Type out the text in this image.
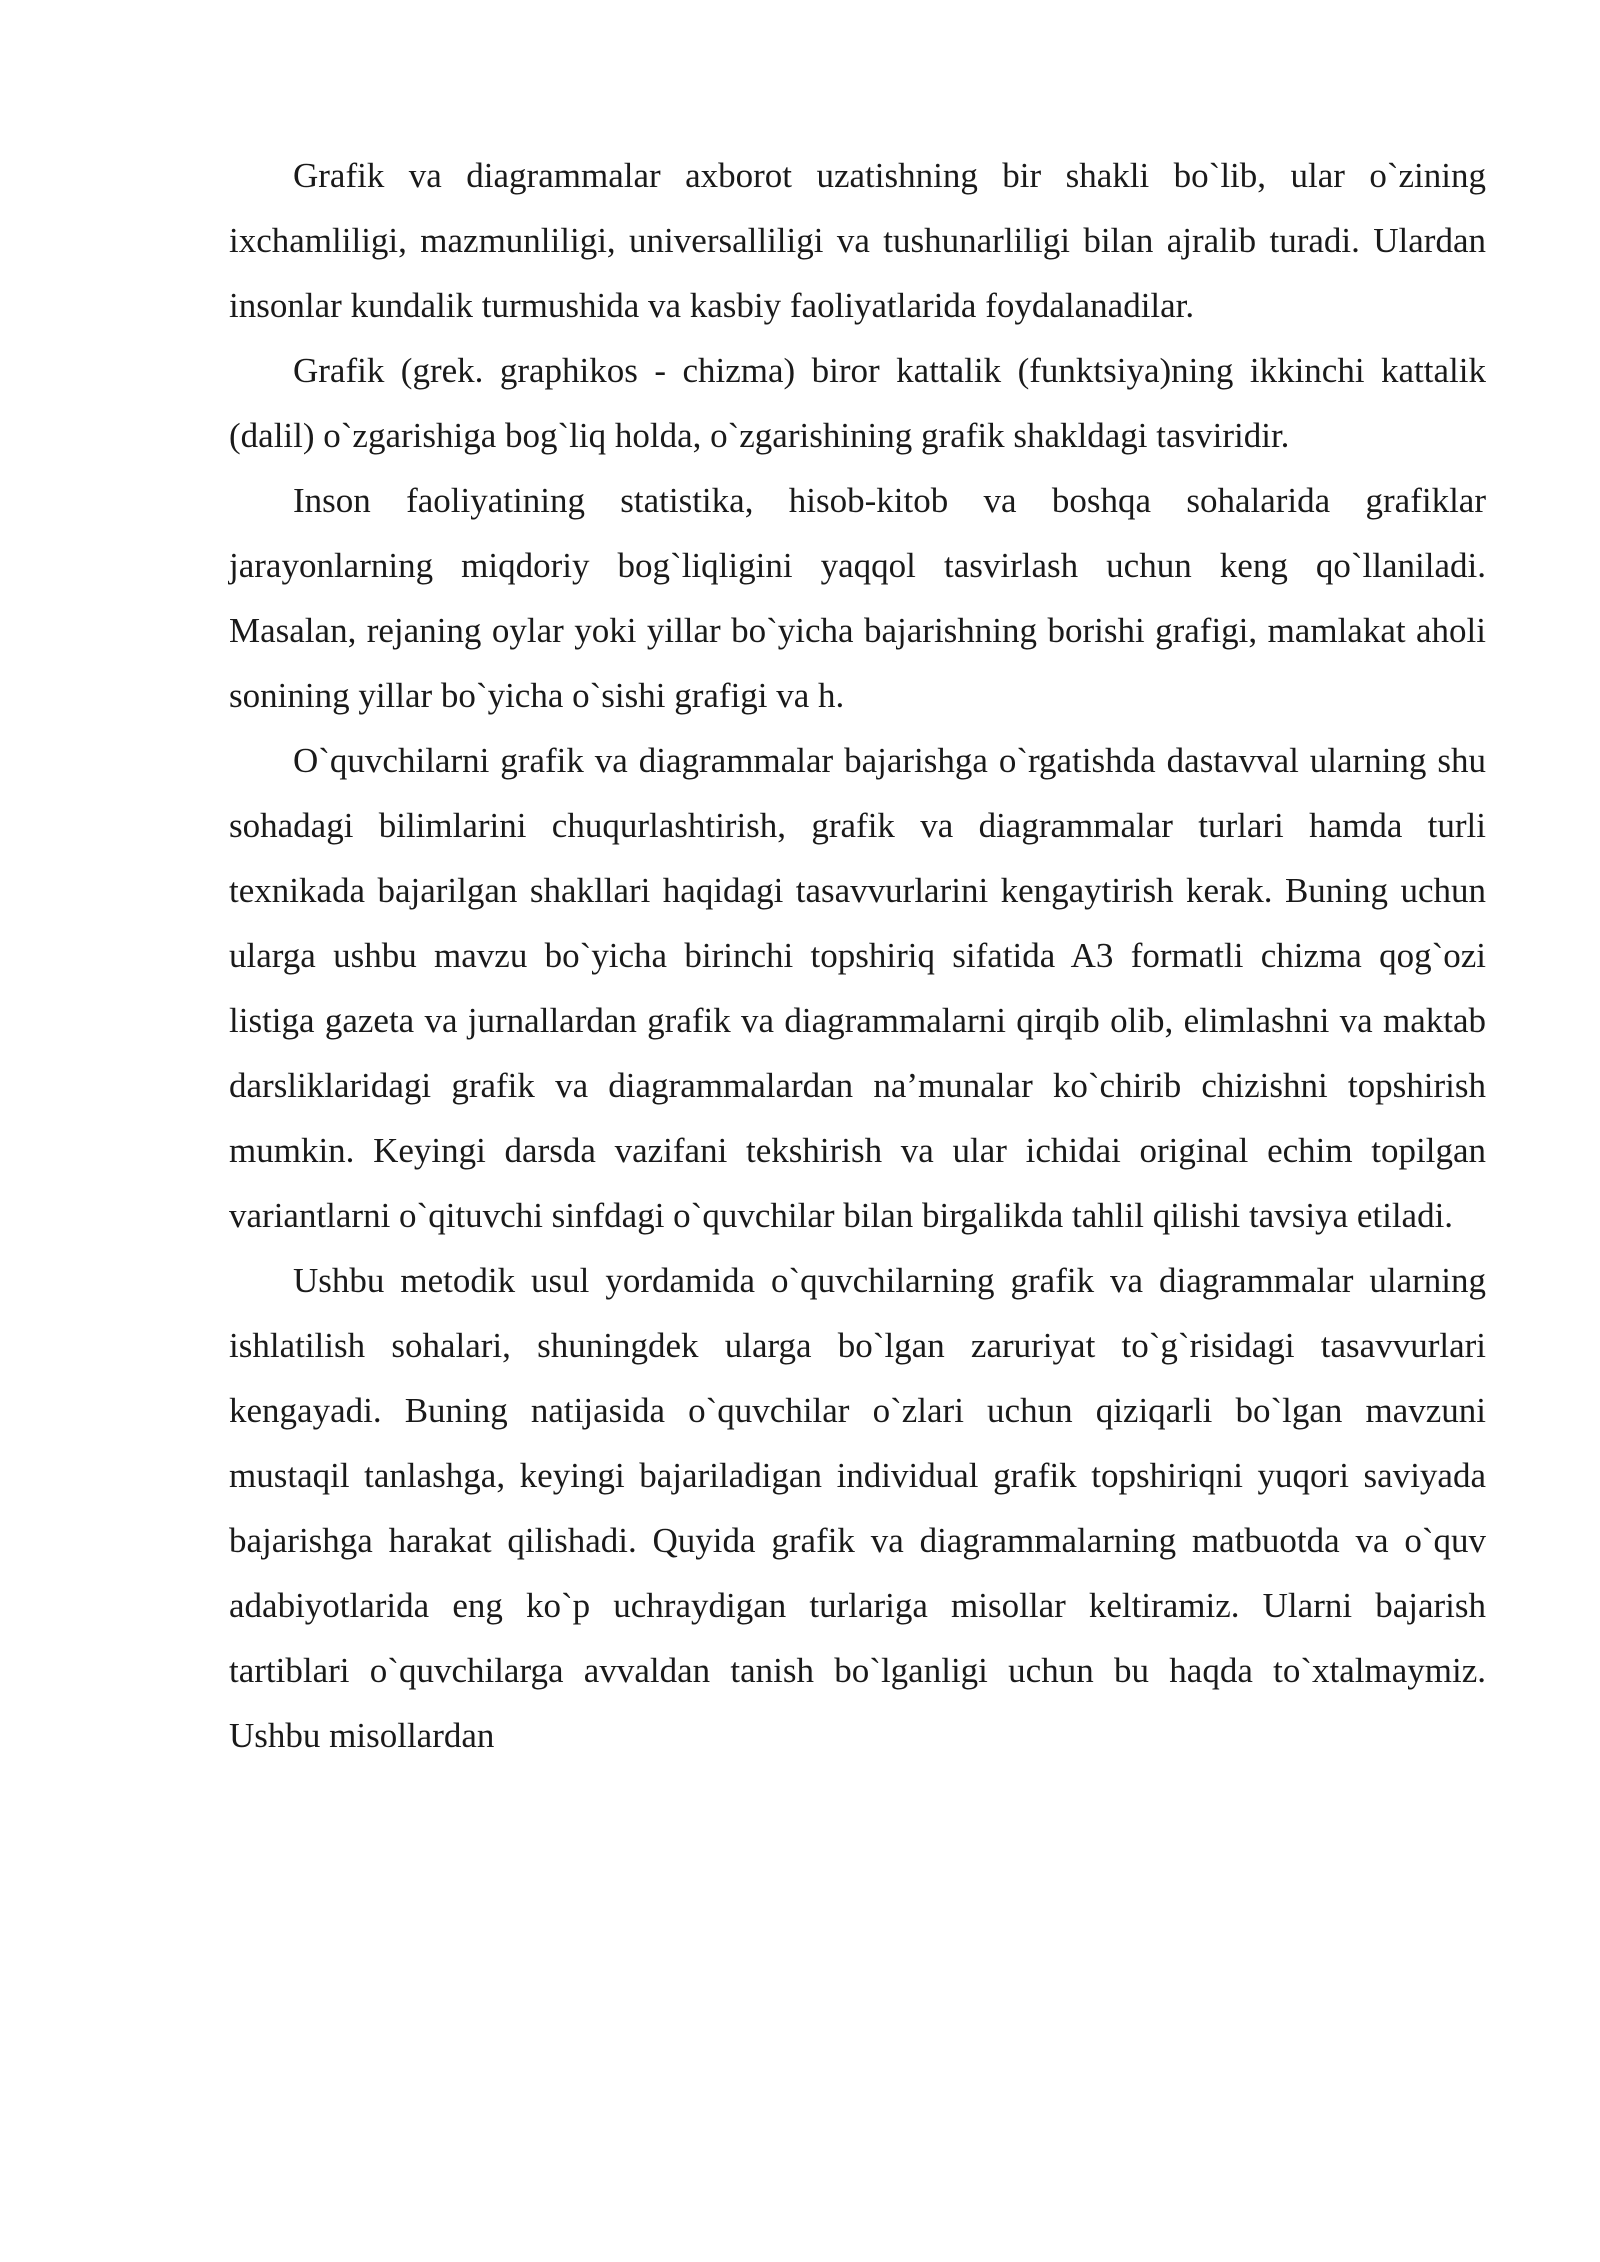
Grafik va diagrammalar axborot uzatishning bir shakli bo`lib, ular o`zining ixchamliligi, mazmunliligi, universalliligi va tushunarliligi bilan ajralib turadi. Ulardan insonlar kundalik turmushida va kasbiy faoliyatlarida foydalanadilar.

Grafik (grek. graphikos - chizma) biror kattalik (funktsiya)ning ikkinchi kattalik (dalil) o`zgarishiga bog`liq holda, o`zgarishining grafik shakldagi tasviridir.

Inson faoliyatining statistika, hisob-kitob va boshqa sohalarida grafiklar jarayonlarning miqdoriy bog`liqligini yaqqol tasvirlash uchun keng qo`llaniladi. Masalan, rejaning oylar yoki yillar bo`yicha bajarishning borishi grafigi, mamlakat aholi sonining yillar bo`yicha o`sishi grafigi va h.

O`quvchilarni grafik va diagrammalar bajarishga o`rgatishda dastavval ularning shu sohadagi bilimlarini chuqurlashtirish, grafik va diagrammalar turlari hamda turli texnikada bajarilgan shakllari haqidagi tasavvurlarini kengaytirish kerak. Buning uchun ularga ushbu mavzu bo`yicha birinchi topshiriq sifatida A3 formatli chizma qog`ozi listiga gazeta va jurnallardan grafik va diagrammalarni qirqib olib, elimlashni va maktab darsliklaridagi grafik va diagrammalardan na’munalar ko`chirib chizishni topshirish mumkin. Keyingi darsda vazifani tekshirish va ular ichidai original echim topilgan variantlarni o`qituvchi sinfdagi o`quvchilar bilan birgalikda tahlil qilishi tavsiya etiladi.

Ushbu metodik usul yordamida o`quvchilarning grafik va diagrammalar ularning ishlatilish sohalari, shuningdek ularga bo`lgan zaruriyat to`g`risidagi tasavvurlari kengayadi. Buning natijasida o`quvchilar o`zlari uchun qiziqarli bo`lgan mavzuni mustaqil tanlashga, keyingi bajariladigan individual grafik topshiriqni yuqori saviyada bajarishga harakat qilishadi. Quyida grafik va diagrammalarning matbuotda va o`quv adabiyotlarida eng ko`p uchraydigan turlariga misollar keltiramiz. Ularni bajarish tartiblari o`quvchilarga avvaldan tanish bo`lganligi uchun bu haqda to`xtalmaymiz. Ushbu misollardan
